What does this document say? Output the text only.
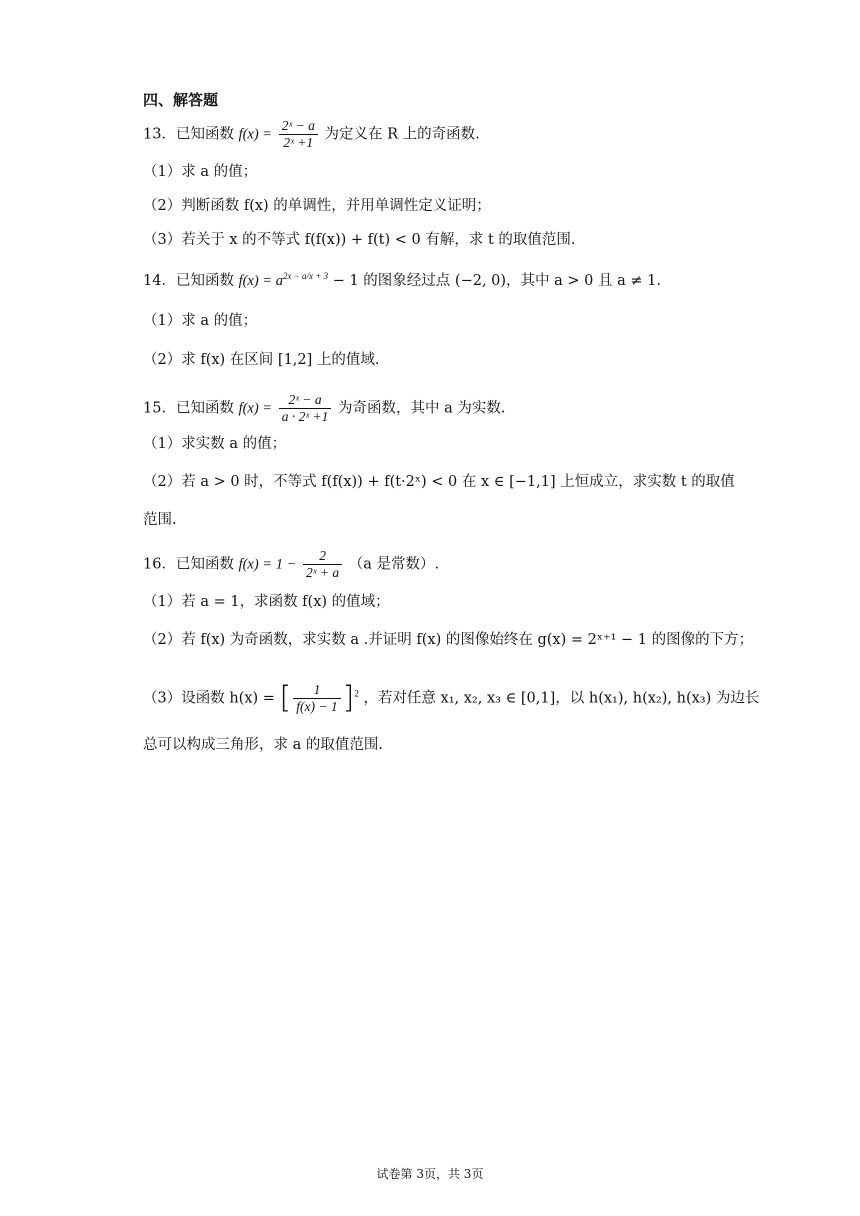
四、解答题
13．已知函数 $f(x) = \frac{\text{2ˣ − a}}{\text{2ˣ +1}}$ 为定义在 R 上的奇函数.
（1）求 a 的值；
（2）判断函数 f(x) 的单调性，并用单调性定义证明；
（3）若关于 x 的不等式 f(f(x)) + f(t) < 0 有解，求 t 的取值范围.
14．已知函数 $f(x) = a^{2x - a/x + 3} - 1$ 的图象经过点 (−2, 0)，其中 a > 0 且 a ≠ 1.
（1）求 a 的值；
（2）求 f(x) 在区间 [1,2] 上的值域.
15．已知函数 $f(x) = \frac{\text{2ˣ − a}}{\text{a · 2ˣ +1}}$ 为奇函数，其中 a 为实数.
（1）求实数 a 的值；
（2）若 a > 0 时，不等式 f(f(x)) + f(t·2ˣ) < 0 在 x ∈ [−1,1] 上恒成立，求实数 t 的取值
范围.
16．已知函数 $f(x) = 1 - \frac{2}{\text{2ˣ + a}} (a$ 是常数）.
（1）若 a = 1，求函数 f(x) 的值域；
（2）若 f(x) 为奇函数，求实数 a .并证明 f(x) 的图像始终在 g(x) = 2ˣ⁺¹ − 1 的图像的下方；
（3）设函数 h(x) = [ $\frac{1}{f(x) - 1} ]^2$ ，若对任意 x₁, x₂, x₃ ∈ [0,1]，以 h(x₁), h(x₂), h(x₃) 为边长
总可以构成三角形，求 a 的取值范围.
试卷第 3页，共 3页
